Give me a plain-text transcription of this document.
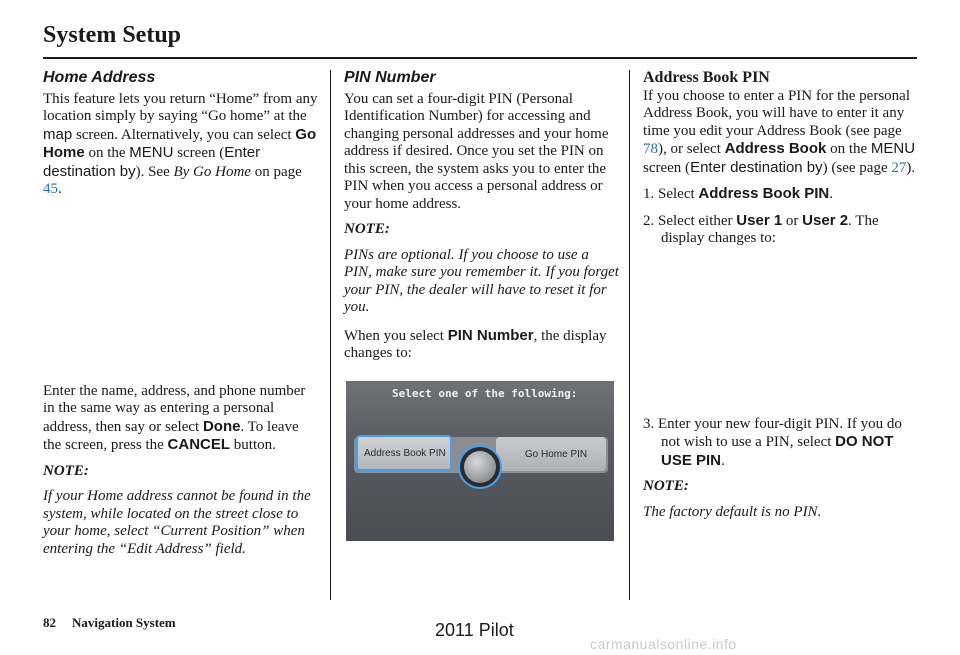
System Setup
Home Address

This feature lets you return “Home” from any location simply by saying “Go home” at the map screen. Alternatively, you can select Go Home on the MENU screen (Enter destination by). See By Go Home on page 45.

Enter the name, address, and phone number in the same way as entering a personal address, then say or select Done. To leave the screen, press the CANCEL button.

NOTE:

If your Home address cannot be found in the system, while located on the street close to your home, select “Current Position” when entering the “Edit Address” field.

PIN Number

You can set a four-digit PIN (Personal Identification Number) for accessing and changing personal addresses and your home address if desired. Once you set the PIN on this screen, the system asks you to enter the PIN when you access a personal address or your home address.

NOTE:

PINs are optional. If you choose to use a PIN, make sure you remember it. If you forget your PIN, the dealer will have to reset it for you.

When you select PIN Number, the display changes to:

Select one of the following:
Address Book PIN	Go Home PIN
Address Book PIN

If you choose to enter a PIN for the personal Address Book, you will have to enter it any time you edit your Address Book (see page 78), or select Address Book on the MENU screen (Enter destination by) (see page 27).

1. Select Address Book PIN.

2. Select either User 1 or User 2. The display changes to:

3. Enter your new four-digit PIN. If you do not wish to use a PIN, select DO NOT USE PIN.

NOTE:

The factory default is no PIN.

82 Navigation System	2011 Pilot
carmanualsonline.info
